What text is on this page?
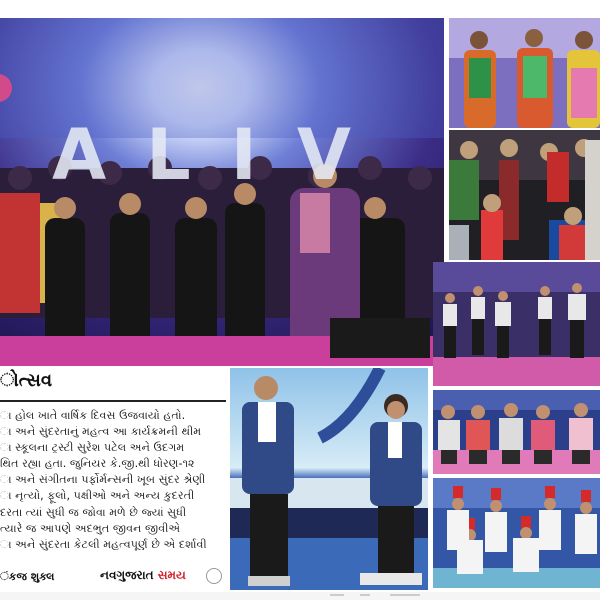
ALIV
ોત્સવ
ા હોલ ખાતે વાર્ષિક દિવસ ઉજવાયો હતો.
ા અને સુંદરતાનું મહત્વ આ કાર્યક્રમની થીમ
ા સ્કૂલના ટ્રસ્ટી સુરેશ પટેલ અને ઉદગમ
થિત રહ્યા હતા. જુનિયર કે.જી.થી ધોરણ-૧૨
ા અને સંગીતના પર્ફોર્મન્સની ખૂબ સુંદર શ્રેણી
ા નૃત્યો, ફૂલો, પક્ષીઓ અને અન્ય કુદરતી
દરતા ત્યાં સુધી જ જોવા મળે છે જ્યાં સુધી
ત્યારે જ આપણે અદભુત જીવન જીવીએ
ા અને સુંદરતા કેટલી મહત્વપૂર્ણ છે એ દર્શાવી
ંકજ શુક્લ	નવગુજરાત સમય
